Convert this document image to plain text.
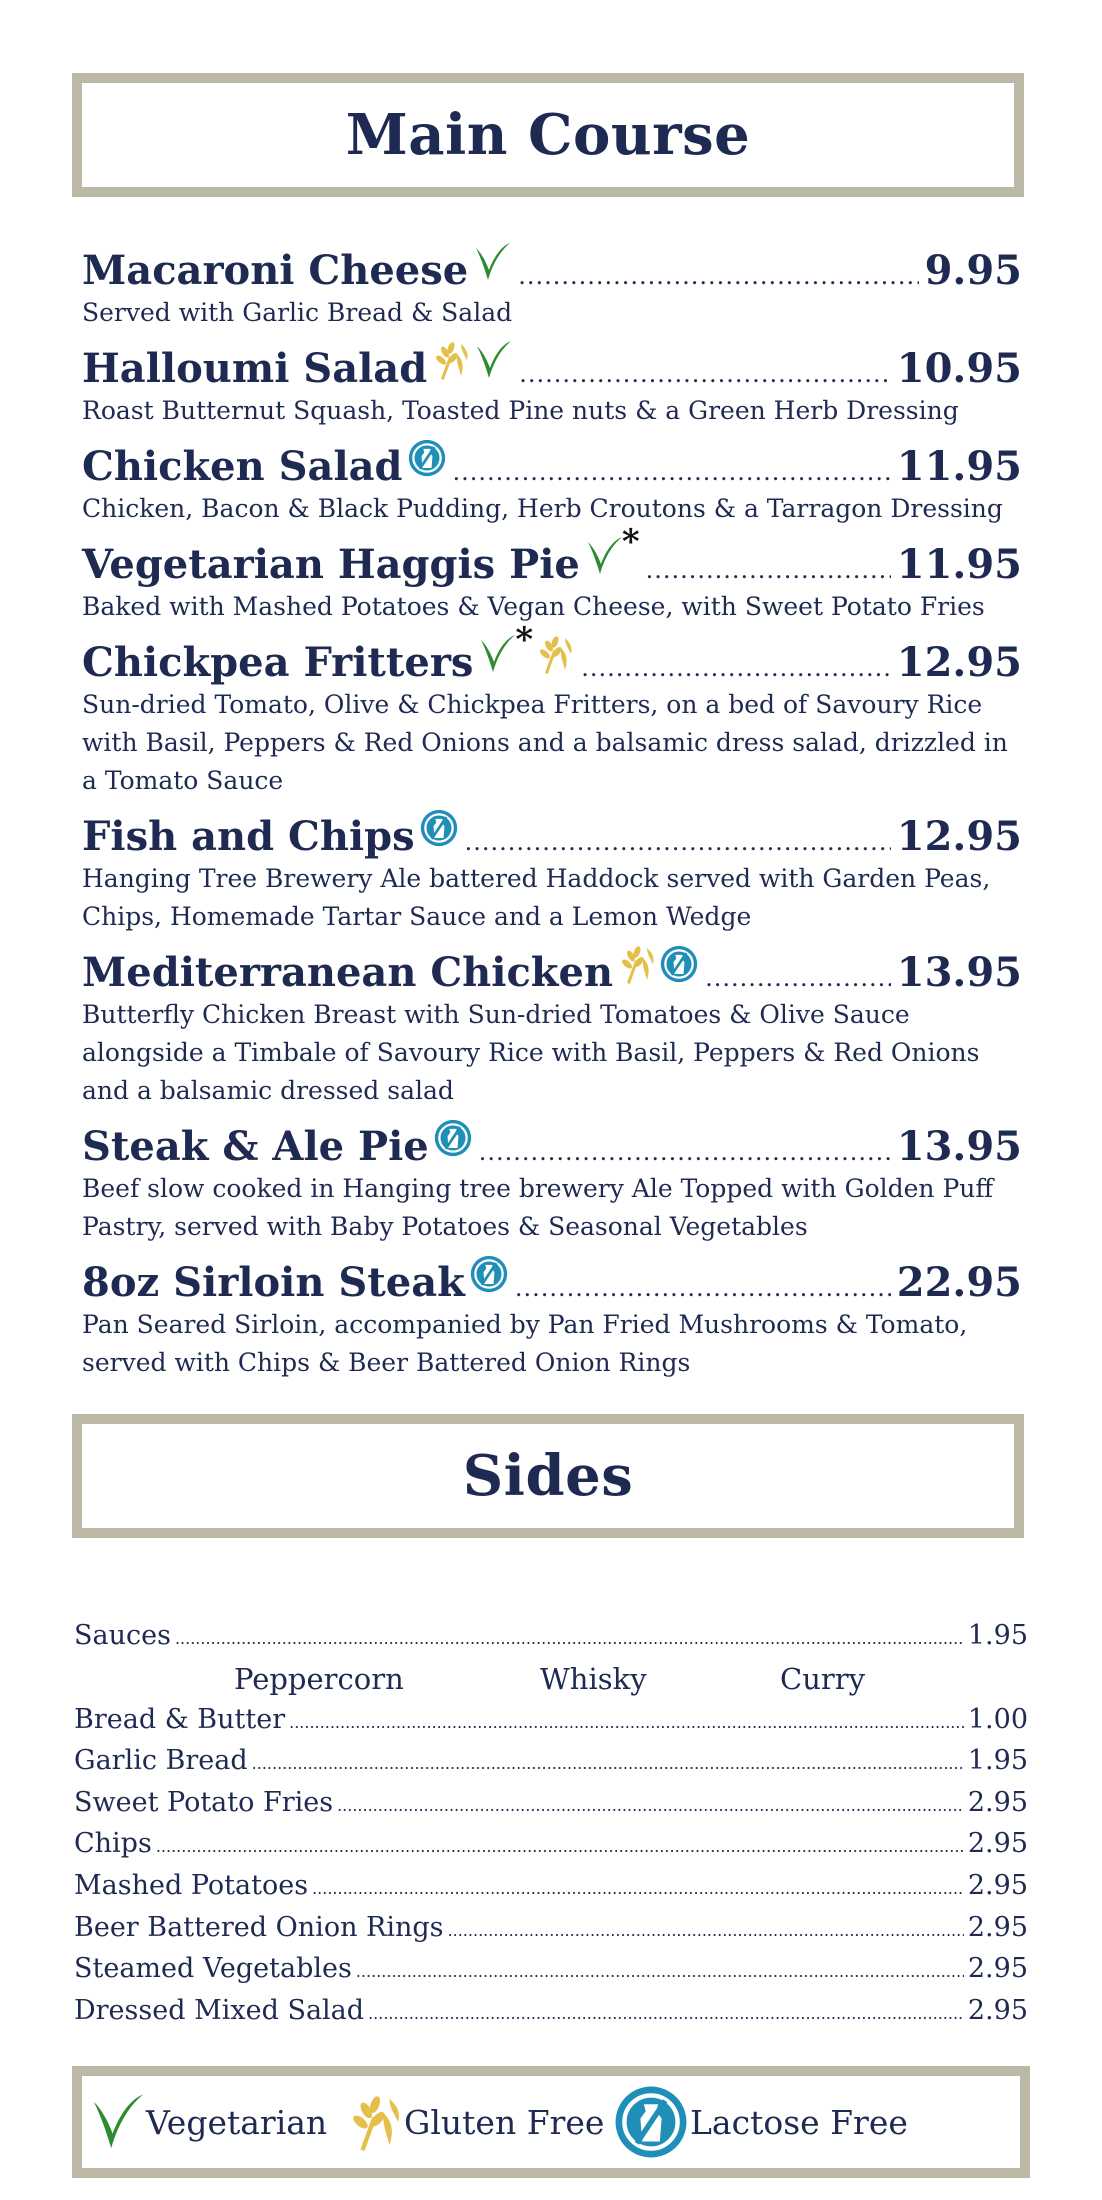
Main Course
Macaroni Cheese .....	9.95
Served with Garlic Bread & Salad
Halloumi Salad .....	10.95
Roast Butternut Squash, Toasted Pine nuts & a Green Herb Dressing
Chicken Salad .....	11.95
Chicken, Bacon & Black Pudding, Herb Croutons & a Tarragon Dressing
Vegetarian Haggis Pie * .....	11.95
Baked with Mashed Potatoes & Vegan Cheese, with Sweet Potato Fries
Chickpea Fritters * .....	12.95
Sun-dried Tomato, Olive & Chickpea Fritters, on a bed of Savoury Rice with Basil, Peppers & Red Onions and a balsamic dress salad, drizzled in a Tomato Sauce
Fish and Chips .....	12.95
Hanging Tree Brewery Ale battered Haddock served with Garden Peas, Chips, Homemade Tartar Sauce and a Lemon Wedge
Mediterranean Chicken .....	13.95
Butterfly Chicken Breast with Sun-dried Tomatoes & Olive Sauce alongside a Timbale of Savoury Rice with Basil, Peppers & Red Onions and a balsamic dressed salad
Steak & Ale Pie .....	13.95
Beef slow cooked in Hanging tree brewery Ale Topped with Golden Puff Pastry, served with Baby Potatoes & Seasonal Vegetables
8oz Sirloin Steak .....	22.95
Pan Seared Sirloin, accompanied by Pan Fried Mushrooms & Tomato, served with Chips & Beer Battered Onion Rings
Sides
Sauces .....	1.95
Peppercorn	Whisky	Curry
Bread & Butter .....	1.00
Garlic Bread .....	1.95
Sweet Potato Fries .....	2.95
Chips .....	2.95
Mashed Potatoes .....	2.95
Beer Battered Onion Rings .....	2.95
Steamed Vegetables .....	2.95
Dressed Mixed Salad .....	2.95
Vegetarian Gluten Free	Lactose Free
